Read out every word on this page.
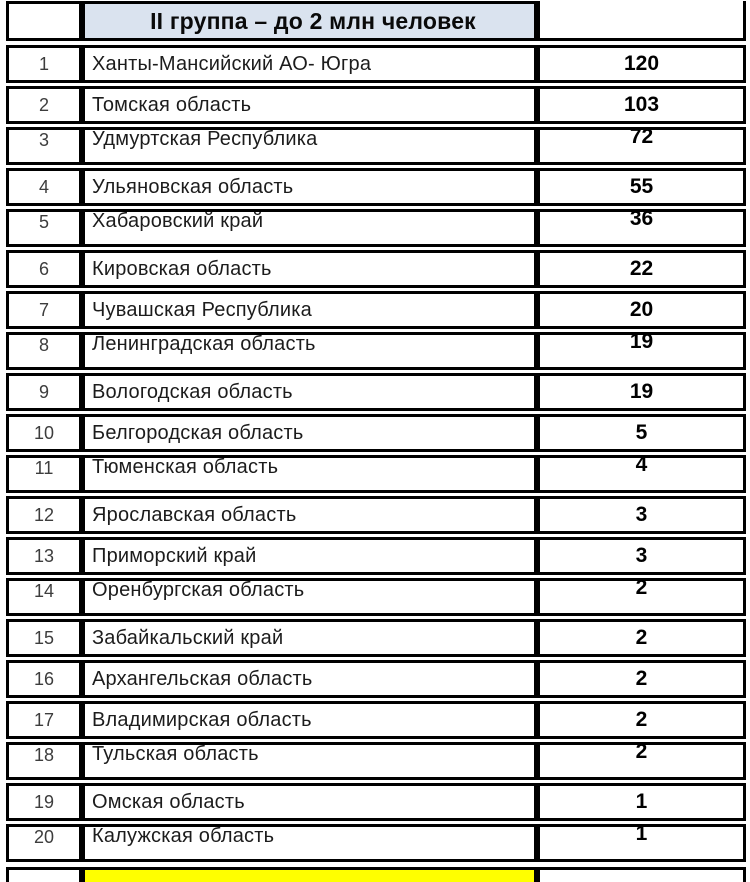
II группа – до 2 млн человек
1 Ханты-Мансийский АО- Югра	120
2 Томская область	103
3 Удмуртская Республика	72
4 Ульяновская область	55
5 Хабаровский край	36
6 Кировская область	22
7 Чувашская Республика	20
8 Ленинградская область	19
9 Вологодская область	19
10 Белгородская область	5
11 Тюменская область	4
12 Ярославская область	3
13 Приморский край	3
14 Оренбургская область	2
15 Забайкальский край	2
16 Архангельская область	2
17 Владимирская область	2
18 Тульская область	2
19 Омская область	1
20 Калужская область	1
